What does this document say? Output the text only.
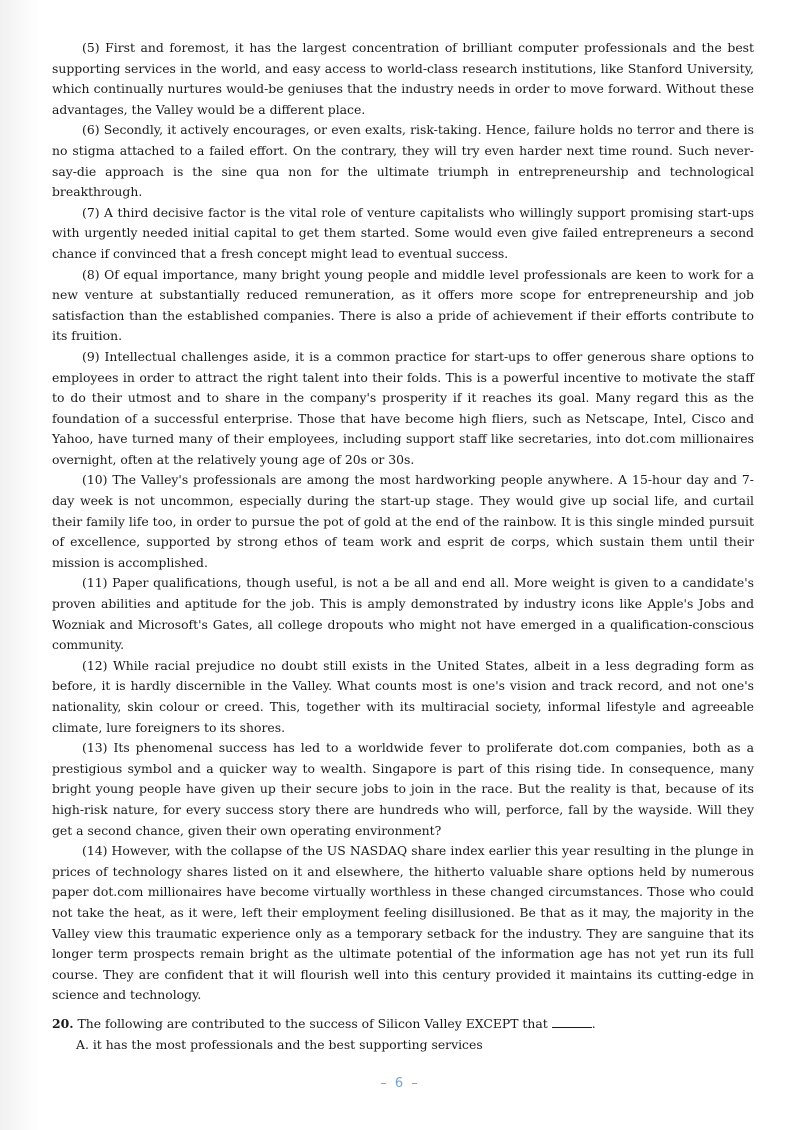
(5) First and foremost, it has the largest concentration of brilliant computer professionals and the best supporting services in the world, and easy access to world-class research institutions, like Stanford University, which continually nurtures would-be geniuses that the industry needs in order to move forward. Without these advantages, the Valley would be a different place.

(6) Secondly, it actively encourages, or even exalts, risk-taking. Hence, failure holds no terror and there is no stigma attached to a failed effort. On the contrary, they will try even harder next time round. Such never-say-die approach is the sine qua non for the ultimate triumph in entrepreneurship and technological breakthrough.

(7) A third decisive factor is the vital role of venture capitalists who willingly support promising start-ups with urgently needed initial capital to get them started. Some would even give failed entrepreneurs a second chance if convinced that a fresh concept might lead to eventual success.

(8) Of equal importance, many bright young people and middle level professionals are keen to work for a new venture at substantially reduced remuneration, as it offers more scope for entrepreneurship and job satisfaction than the established companies. There is also a pride of achievement if their efforts contribute to its fruition.

(9) Intellectual challenges aside, it is a common practice for start-ups to offer generous share options to employees in order to attract the right talent into their folds. This is a powerful incentive to motivate the staff to do their utmost and to share in the company's prosperity if it reaches its goal. Many regard this as the foundation of a successful enterprise. Those that have become high fliers, such as Netscape, Intel, Cisco and Yahoo, have turned many of their employees, including support staff like secretaries, into dot.com millionaires overnight, often at the relatively young age of 20s or 30s.

(10) The Valley's professionals are among the most hardworking people anywhere. A 15-hour day and 7-day week is not uncommon, especially during the start-up stage. They would give up social life, and curtail their family life too, in order to pursue the pot of gold at the end of the rainbow. It is this single minded pursuit of excellence, supported by strong ethos of team work and esprit de corps, which sustain them until their mission is accomplished.

(11) Paper qualifications, though useful, is not a be all and end all. More weight is given to a candidate's proven abilities and aptitude for the job. This is amply demonstrated by industry icons like Apple's Jobs and Wozniak and Microsoft's Gates, all college dropouts who might not have emerged in a qualification-conscious community.

(12) While racial prejudice no doubt still exists in the United States, albeit in a less degrading form as before, it is hardly discernible in the Valley. What counts most is one's vision and track record, and not one's nationality, skin colour or creed. This, together with its multiracial society, informal lifestyle and agreeable climate, lure foreigners to its shores.

(13) Its phenomenal success has led to a worldwide fever to proliferate dot.com companies, both as a prestigious symbol and a quicker way to wealth. Singapore is part of this rising tide. In consequence, many bright young people have given up their secure jobs to join in the race. But the reality is that, because of its high-risk nature, for every success story there are hundreds who will, perforce, fall by the wayside. Will they get a second chance, given their own operating environment?

(14) However, with the collapse of the US NASDAQ share index earlier this year resulting in the plunge in prices of technology shares listed on it and elsewhere, the hitherto valuable share options held by numerous paper dot.com millionaires have become virtually worthless in these changed circumstances. Those who could not take the heat, as it were, left their employment feeling disillusioned. Be that as it may, the majority in the Valley view this traumatic experience only as a temporary setback for the industry. They are sanguine that its longer term prospects remain bright as the ultimate potential of the information age has not yet run its full course. They are confident that it will flourish well into this century provided it maintains its cutting-edge in science and technology.

20. The following are contributed to the success of Silicon Valley EXCEPT that	.

A. it has the most professionals and the best supporting services

– 6 –
